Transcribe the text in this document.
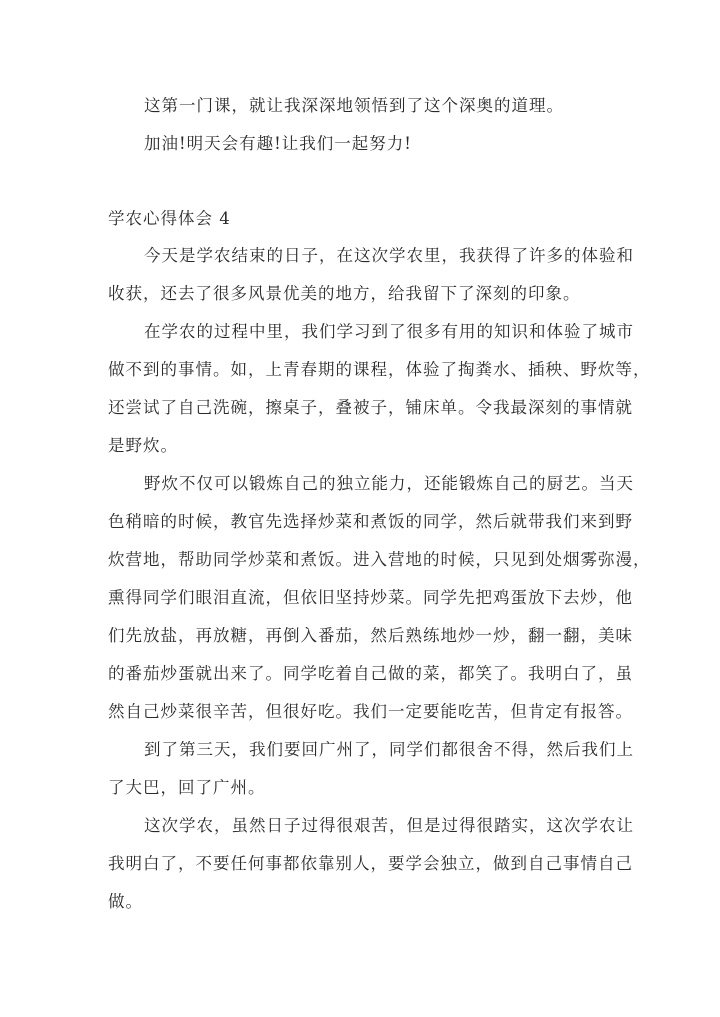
这第一门课，就让我深深地领悟到了这个深奥的道理。
加油!明天会有趣!让我们一起努力!
学农心得体会 4
今天是学农结束的日子，在这次学农里，我获得了许多的体验和
收获，还去了很多风景优美的地方，给我留下了深刻的印象。
在学农的过程中里，我们学习到了很多有用的知识和体验了城市
做不到的事情。如，上青春期的课程，体验了掏粪水、插秧、野炊等，
还尝试了自己洗碗，擦桌子，叠被子，铺床单。令我最深刻的事情就
是野炊。
野炊不仅可以锻炼自己的独立能力，还能锻炼自己的厨艺。当天
色稍暗的时候，教官先选择炒菜和煮饭的同学，然后就带我们来到野
炊营地，帮助同学炒菜和煮饭。进入营地的时候，只见到处烟雾弥漫，
熏得同学们眼泪直流，但依旧坚持炒菜。同学先把鸡蛋放下去炒，他
们先放盐，再放糖，再倒入番茄，然后熟练地炒一炒，翻一翻，美味
的番茄炒蛋就出来了。同学吃着自己做的菜，都笑了。我明白了，虽
然自己炒菜很辛苦，但很好吃。我们一定要能吃苦，但肯定有报答。
到了第三天，我们要回广州了，同学们都很舍不得，然后我们上
了大巴，回了广州。
这次学农，虽然日子过得很艰苦，但是过得很踏实，这次学农让
我明白了，不要任何事都依靠别人，要学会独立，做到自己事情自己
做。
